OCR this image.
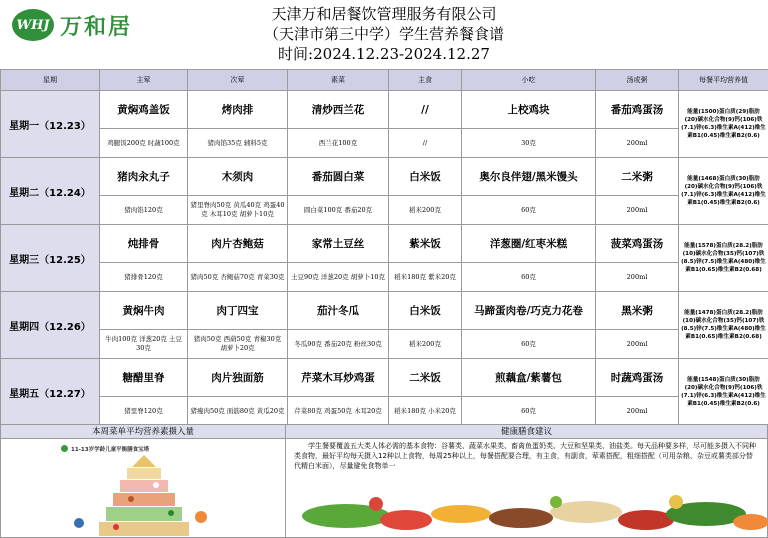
WHJ 万和居	天津万和居餐饮管理服务有限公司
（天津市第三中学）学生营养餐食谱
时间:2024.12.23-2024.12.27
星期	主荤	次荤	素菜	主食	小吃	汤或粥	每餐平均营养值
星期一（12.23）	黄焖鸡盖饭	烤肉排	清炒西兰花	//	上校鸡块	番茄鸡蛋汤	能量(1500)蛋白质(29)脂肪(20)碳水化合物(9)钙(106)铁(7.1)锌(6.3)维生素A(412)维生素B1(0.45)维生素B2(0.6)
	鸡腿饭200克 时蔬100克	猪肉馅35克 辅料5克	西兰花100克	//	30克	200ml	
星期二（12.24）	猪肉汆丸子	木须肉	番茄圆白菜	白米饭	奥尔良伴翅/黑米馒头	二米粥	能量(1468)蛋白质(30)脂肪(20)碳水化合物(9)钙(106)铁(7.1)锌(6.3)维生素A(412)维生素B1(0.45)维生素B2(0.6)
	猪肉馅120克	猪里脊肉50克 黄瓜40克 鸡蛋40克 木耳10克 胡萝卜10克	圆白菜100克 番茄20克	稻米200克	60克	200ml	
星期三（12.25）	炖排骨	肉片杏鲍菇	家常土豆丝	紫米饭	洋葱圈/红枣米糕	菠菜鸡蛋汤	能量(1578)蛋白质(28.2)脂肪(10)碳水化合物(35)钙(107)铁(8.5)锌(7.5)维生素A(480)维生素B1(0.65)维生素B2(0.68)
	猪排骨120克	猪肉50克 杏鲍菇70克 青菜30克	土豆90克 洋葱20克 胡萝卜10克	稻米180克 紫米20克	60克	200ml	
星期四（12.26）	黄焖牛肉	肉丁四宝	茄汁冬瓜	白米饭	马蹄蛋肉卷/巧克力花卷	黑米粥	能量(1478)蛋白质(28.2)脂肪(10)碳水化合物(35)钙(107)铁(8.5)锌(7.5)维生素A(480)维生素B1(0.65)维生素B2(0.68)
	牛肉100克 洋葱20克 土豆30克	猪肉50克 西葫50克 青椒30克 胡萝卜20克	冬瓜90克 番茄20克 粉丝30克	稻米200克	60克	200ml	
星期五（12.27）	糖醋里脊	肉片独面筋	芹菜木耳炒鸡蛋	二米饭	煎藕盒/紫薯包	时蔬鸡蛋汤	能量(1548)蛋白质(30)脂肪(20)碳水化合物(9)钙(106)铁(7.1)锌(6.3)维生素A(412)维生素B1(0.45)维生素B2(0.6)
	猪里脊120克	猪瘦肉50克 面筋80克 黄瓜20克	芹菜80克 鸡蛋50克 木耳20克	稻米180克 小米20克	60克	200ml	
本周菜单平均营养素摄入量
11-13岁学龄儿童平衡膳食宝塔
健康膳食建议
学生餐要覆盖五大类人体必需的基本食物：谷薯类、蔬菜水果类、畜禽鱼蛋奶类、大豆和坚果类、油盐类。每天品种要多样，尽可能多摄入不同种类食物，最好平均每天摄入12种以上食物，每周25种以上，每餐搭配要合理，有主食，有副食，荤素搭配，粗细搭配（可用杂粮、杂豆或薯类部分替代精白米面），尽量避免食物单一
